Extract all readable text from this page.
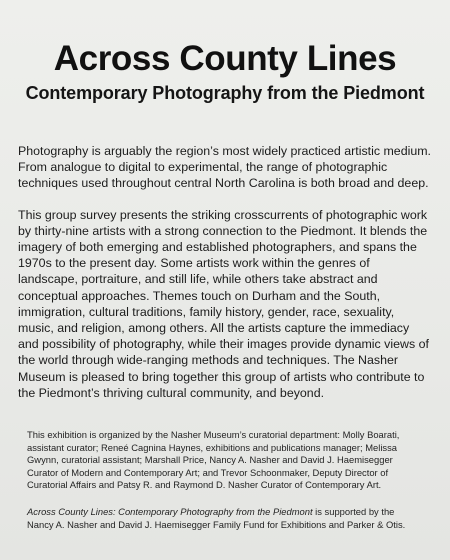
Across County Lines
Contemporary Photography from the Piedmont

Photography is arguably the region’s most widely practiced artistic medium. From analogue to digital to experimental, the range of photographic techniques used throughout central North Carolina is both broad and deep.

This group survey presents the striking crosscurrents of photographic work by thirty-nine artists with a strong connection to the Piedmont. It blends the imagery of both emerging and established photographers, and spans the 1970s to the present day. Some artists work within the genres of landscape, portraiture, and still life, while others take abstract and conceptual approaches. Themes touch on Durham and the South, immigration, cultural traditions, family history, gender, race, sexuality, music, and religion, among others. All the artists capture the immediacy and possibility of photography, while their images provide dynamic views of the world through wide-ranging methods and techniques. The Nasher Museum is pleased to bring together this group of artists who contribute to the Piedmont’s thriving cultural community, and beyond.

This exhibition is organized by the Nasher Museum’s curatorial department: Molly Boarati, assistant curator; Reneé Cagnina Haynes, exhibitions and publications manager; Melissa Gwynn, curatorial assistant; Marshall Price, Nancy A. Nasher and David J. Haemisegger Curator of Modern and Contemporary Art; and Trevor Schoonmaker, Deputy Director of Curatorial Affairs and Patsy R. and Raymond D. Nasher Curator of Contemporary Art.

Across County Lines: Contemporary Photography from the Piedmont is supported by the Nancy A. Nasher and David J. Haemisegger Family Fund for Exhibitions and Parker & Otis.
